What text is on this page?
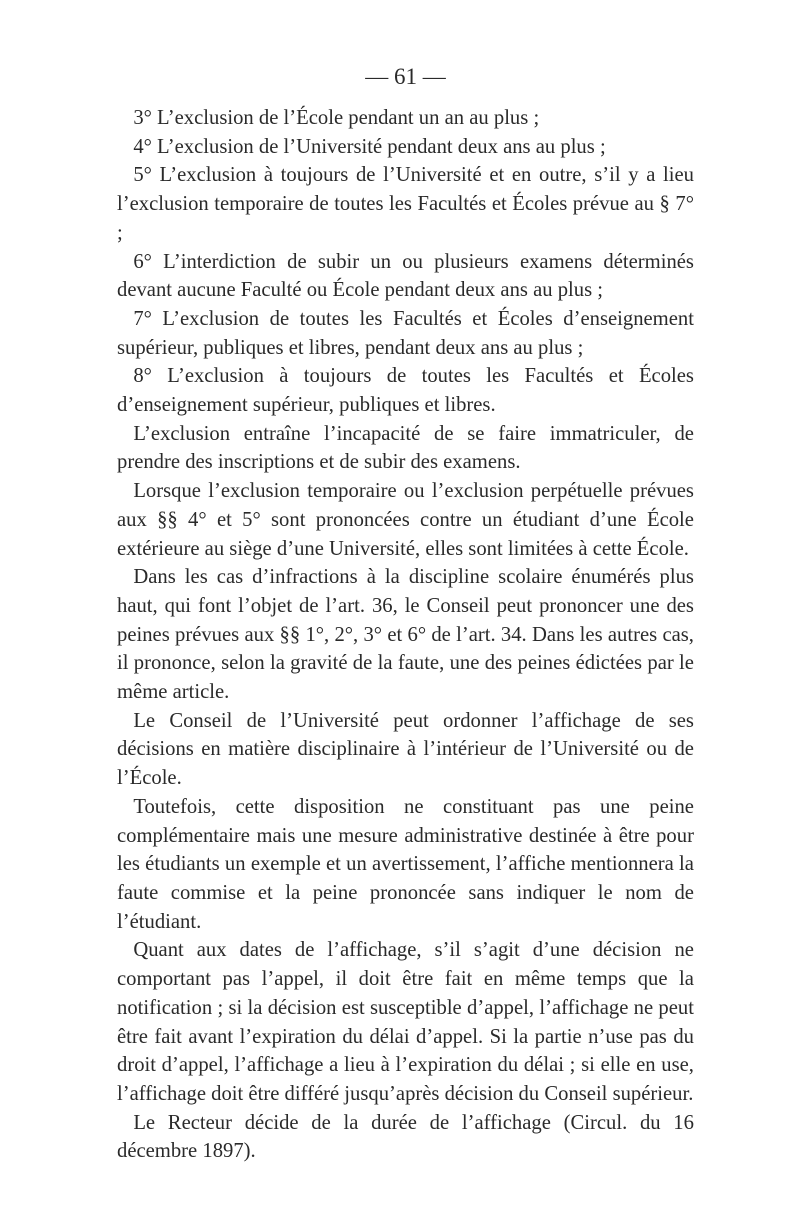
— 61 —

3° L’exclusion de l’École pendant un an au plus ;

4° L’exclusion de l’Université pendant deux ans au plus ;

5° L’exclusion à toujours de l’Université et en outre, s’il y a lieu l’exclusion temporaire de toutes les Facultés et Écoles prévue au § 7° ;

6° L’interdiction de subir un ou plusieurs examens déterminés devant aucune Faculté ou École pendant deux ans au plus ;

7° L’exclusion de toutes les Facultés et Écoles d’enseignement supérieur, publiques et libres, pendant deux ans au plus ;

8° L’exclusion à toujours de toutes les Facultés et Écoles d’enseignement supérieur, publiques et libres.

L’exclusion entraîne l’incapacité de se faire immatriculer, de prendre des inscriptions et de subir des examens.

Lorsque l’exclusion temporaire ou l’exclusion perpétuelle prévues aux §§ 4° et 5° sont prononcées contre un étudiant d’une École extérieure au siège d’une Université, elles sont limitées à cette École.

Dans les cas d’infractions à la discipline scolaire énumérés plus haut, qui font l’objet de l’art. 36, le Conseil peut prononcer une des peines prévues aux §§ 1°, 2°, 3° et 6° de l’art. 34. Dans les autres cas, il prononce, selon la gravité de la faute, une des peines édictées par le même article.

Le Conseil de l’Université peut ordonner l’affichage de ses décisions en matière disciplinaire à l’intérieur de l’Université ou de l’École.

Toutefois, cette disposition ne constituant pas une peine complémentaire mais une mesure administrative destinée à être pour les étudiants un exemple et un avertissement, l’affiche mentionnera la faute commise et la peine prononcée sans indiquer le nom de l’étudiant.

Quant aux dates de l’affichage, s’il s’agit d’une décision ne comportant pas l’appel, il doit être fait en même temps que la notification ; si la décision est susceptible d’appel, l’affichage ne peut être fait avant l’expiration du délai d’appel. Si la partie n’use pas du droit d’appel, l’affichage a lieu à l’expiration du délai ; si elle en use, l’affichage doit être différé jusqu’après décision du Conseil supérieur.

Le Recteur décide de la durée de l’affichage (Circul. du 16 décembre 1897).
